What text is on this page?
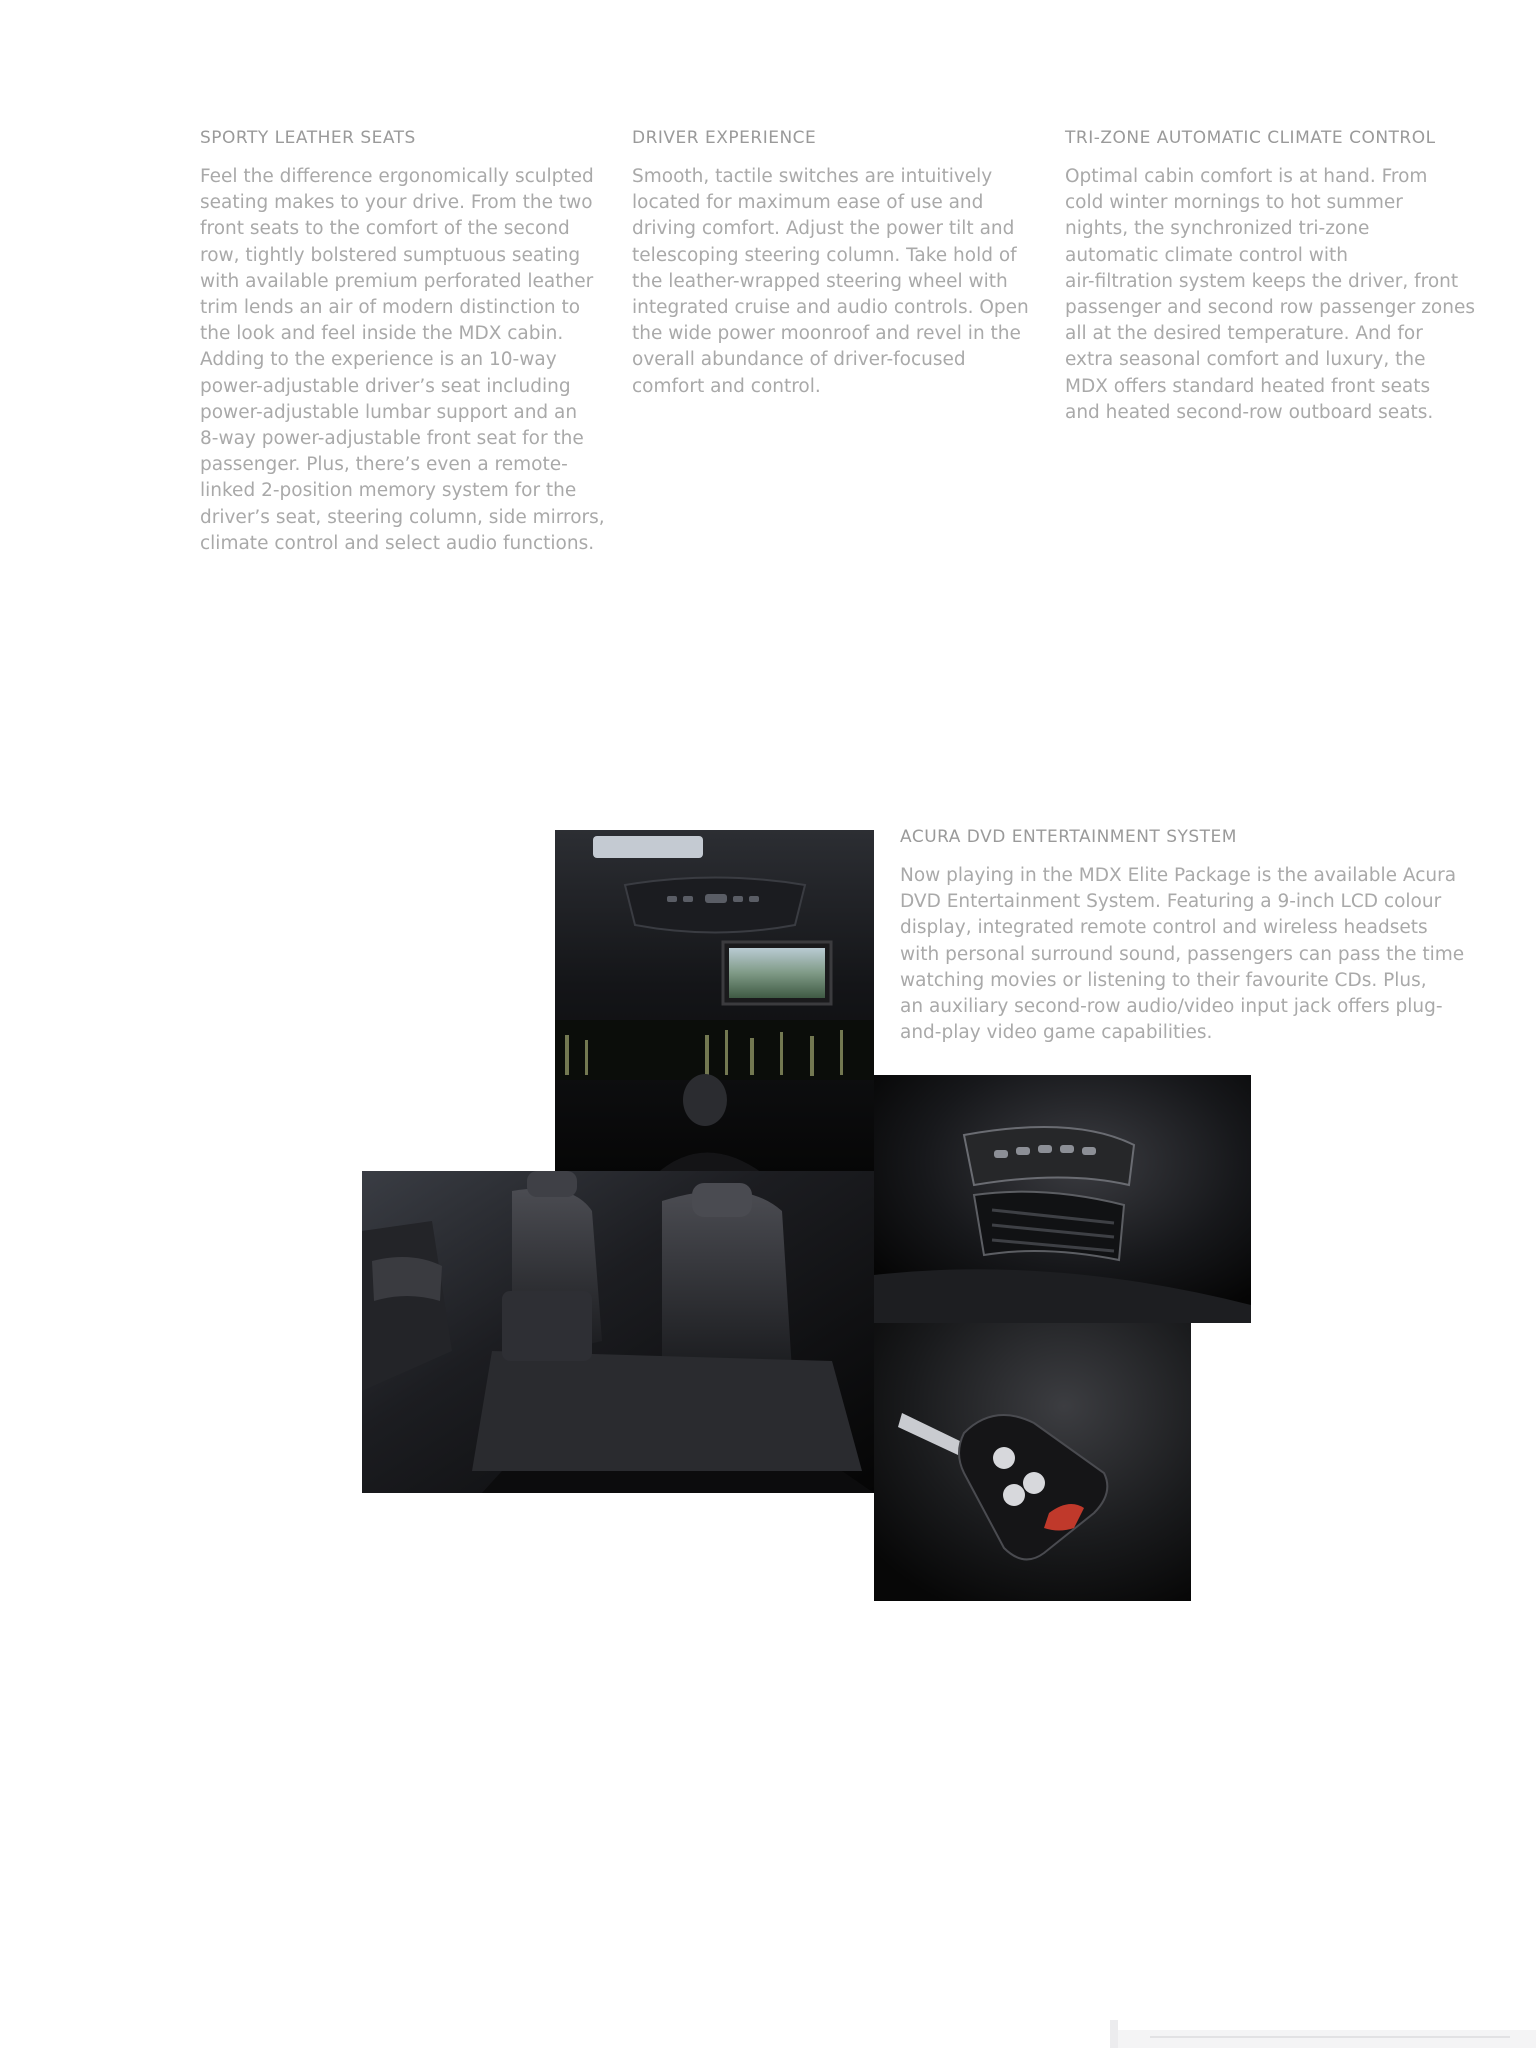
SPORTY LEATHER SEATS
Feel the difference ergonomically sculpted
seating makes to your drive. From the two
front seats to the comfort of the second
row, tightly bolstered sumptuous seating
with available premium perforated leather
trim lends an air of modern distinction to
the look and feel inside the MDX cabin.
Adding to the experience is an 10-way
power-adjustable driver’s seat including
power-adjustable lumbar support and an
8-way power-adjustable front seat for the
passenger. Plus, there’s even a remote-
linked 2-position memory system for the
driver’s seat, steering column, side mirrors,
climate control and select audio functions.
DRIVER EXPERIENCE
Smooth, tactile switches are intuitively
located for maximum ease of use and
driving comfort. Adjust the power tilt and
telescoping steering column. Take hold of
the leather-wrapped steering wheel with
integrated cruise and audio controls. Open
the wide power moonroof and revel in the
overall abundance of driver-focused
comfort and control.
TRI-ZONE AUTOMATIC CLIMATE CONTROL
Optimal cabin comfort is at hand. From
cold winter mornings to hot summer
nights, the synchronized tri-zone
automatic climate control with
air-filtration system keeps the driver, front
passenger and second row passenger zones
all at the desired temperature. And for
extra seasonal comfort and luxury, the
MDX offers standard heated front seats
and heated second-row outboard seats.
ACURA DVD ENTERTAINMENT SYSTEM
Now playing in the MDX Elite Package is the available Acura
DVD Entertainment System. Featuring a 9-inch LCD colour
display, integrated remote control and wireless headsets
with personal surround sound, passengers can pass the time
watching movies or listening to their favourite CDs. Plus,
an auxiliary second-row audio/video input jack offers plug-
and-play video game capabilities.
